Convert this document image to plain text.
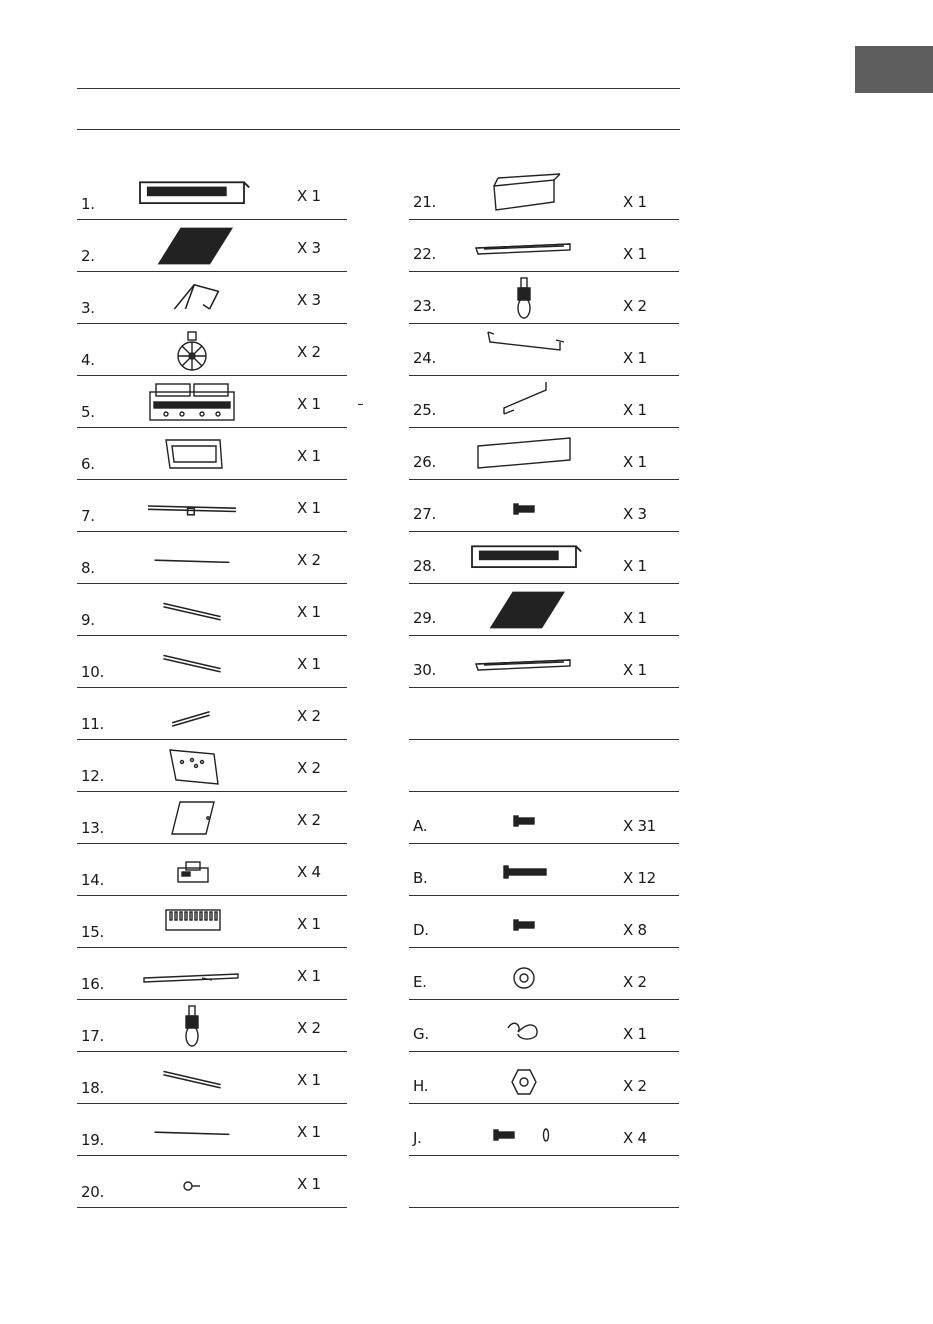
1.	X 1
2.	X 3
3.	X 3
4.	X 2
5.	X 1
6.	X 1
7.	X 1
8.	X 2
9.	X 1
10.	X 1
11.	X 2
12.	X 2
13.	X 2
14.	X 4
15.	X 1
16.	X 1
17.	X 2
18.	X 1
19.	X 1
20.	X 1
21.	X 1
22.	X 1
23.	X 2
24.	X 1
25.	X 1
26.	X 1
27.	X 3
28.	X 1
29.	X 1
30.	X 1
A.	X 31
B.	X 12
D.	X 8
E.	X 2
G.	X 1
H.	X 2
J.	X 4
